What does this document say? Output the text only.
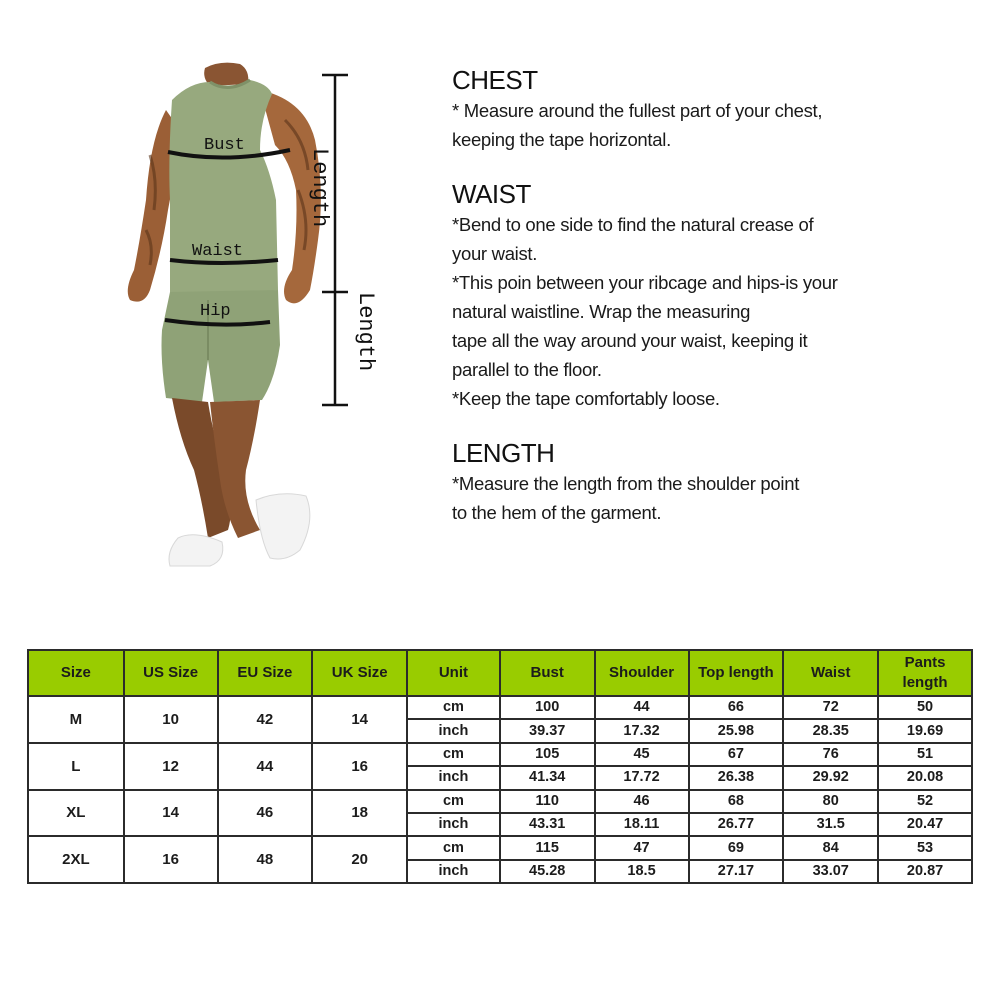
Bust
Waist
Hip
Length
Length
CHEST

* Measure around the fullest part of your chest,

keeping the tape horizontal.

WAIST

*Bend to one side to find the natural crease of

your waist.

*This poin between your ribcage and hips-is your

natural waistline. Wrap the measuring

tape all the way around your waist, keeping it

parallel to the floor.

*Keep the tape comfortably loose.

LENGTH

*Measure the length from the shoulder point

to the hem of the garment.

Size	US Size	EU Size	UK Size	Unit	Bust	Shoulder	Top length	Waist	Pants
length
M	10	42	14	cm	100	44	66	72	50
				inch	39.37	17.32	25.98	28.35	19.69
L	12	44	16	cm	105	45	67	76	51
				inch	41.34	17.72	26.38	29.92	20.08
XL	14	46	18	cm	110	46	68	80	52
				inch	43.31	18.11	26.77	31.5	20.47
2XL	16	48	20	cm	115	47	69	84	53
				inch	45.28	18.5	27.17	33.07	20.87
